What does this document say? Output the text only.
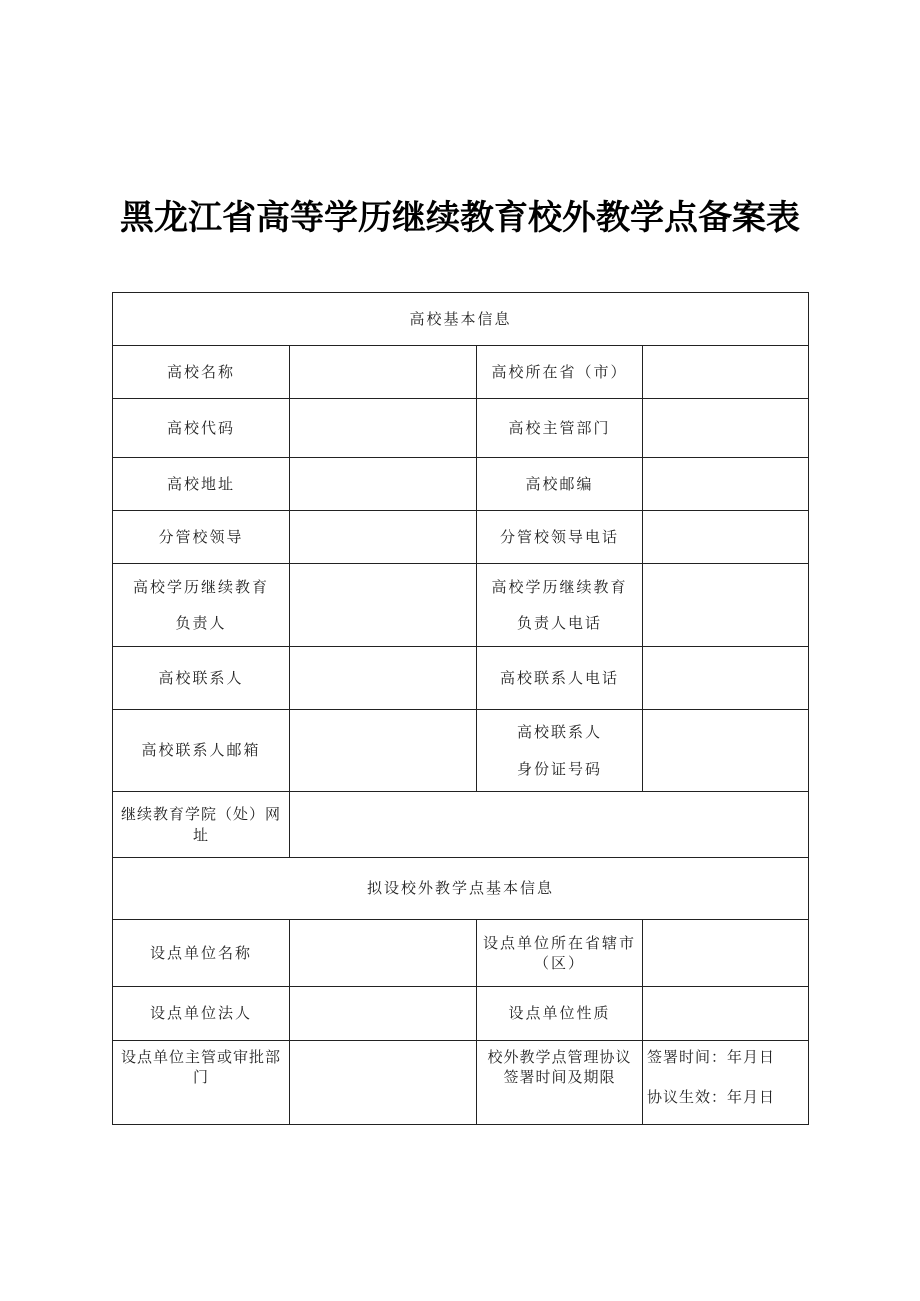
黑龙江省高等学历继续教育校外教学点备案表
高校基本信息			
高校名称		高校所在省（市）	
高校代码		高校主管部门	
高校地址		高校邮编	
分管校领导		分管校领导电话	

高校学历继续教育
负责人		高校学历继续教育
负责人电话	

高校联系人		高校联系人电话	
高校联系人邮箱		高校联系人
身份证号码	

继续教育学院（处）网
址			

拟设校外教学点基本信息			
设点单位名称		设点单位所在省辖市
（区）	

设点单位法人		设点单位性质	

设点单位主管或审批部
门		校外教学点管理协议
签署时间及期限	签署时间：年月日
协议生效：年月日
